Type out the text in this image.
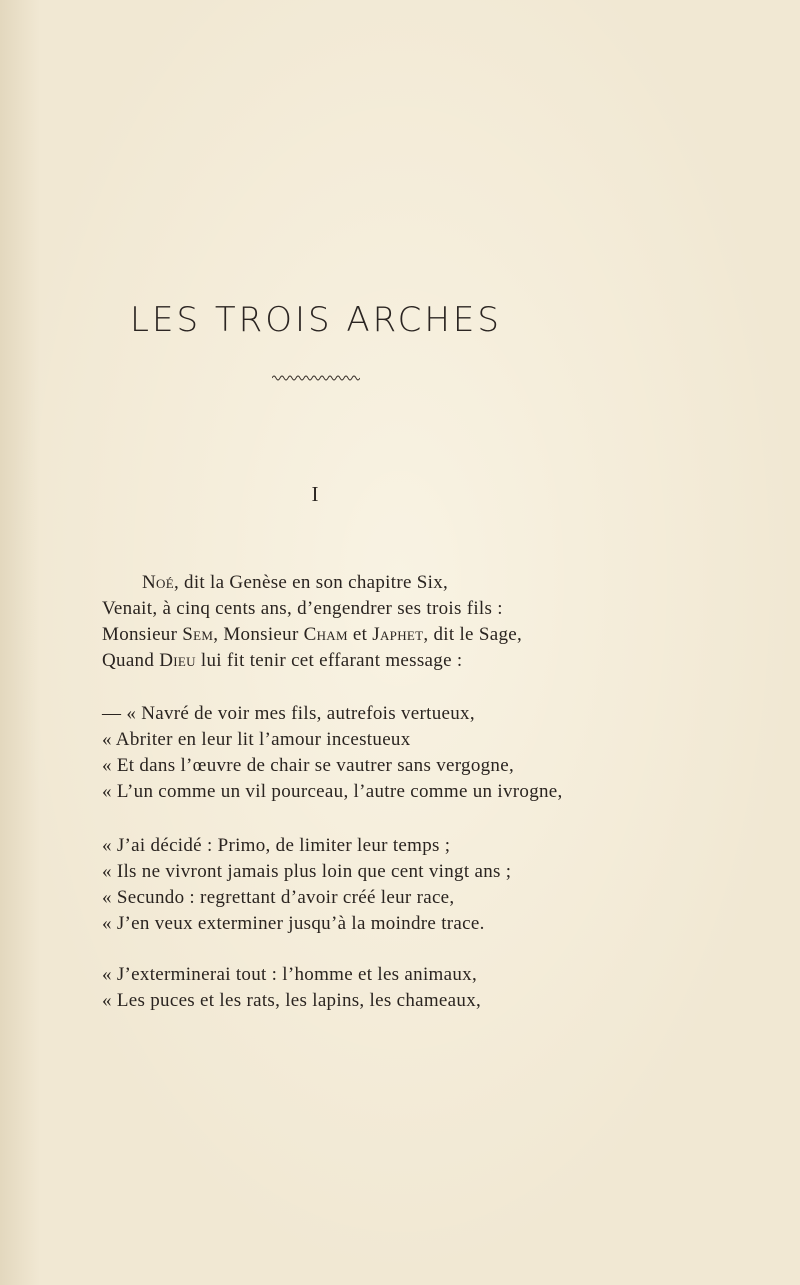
LES TROIS ARCHES
I
Noé, dit la Genèse en son chapitre Six,
Venait, à cinq cents ans, d’engendrer ses trois fils :
Monsieur Sem, Monsieur Cham et Japhet, dit le Sage,
Quand Dieu lui fit tenir cet effarant message :
— « Navré de voir mes fils, autrefois vertueux,
« Abriter en leur lit l’amour incestueux
« Et dans l’œuvre de chair se vautrer sans vergogne,
« L’un comme un vil pourceau, l’autre comme un ivrogne,
« J’ai décidé : Primo, de limiter leur temps ;
« Ils ne vivront jamais plus loin que cent vingt ans ;
« Secundo : regrettant d’avoir créé leur race,
« J’en veux exterminer jusqu’à la moindre trace.
« J’exterminerai tout : l’homme et les animaux,
« Les puces et les rats, les lapins, les chameaux,
